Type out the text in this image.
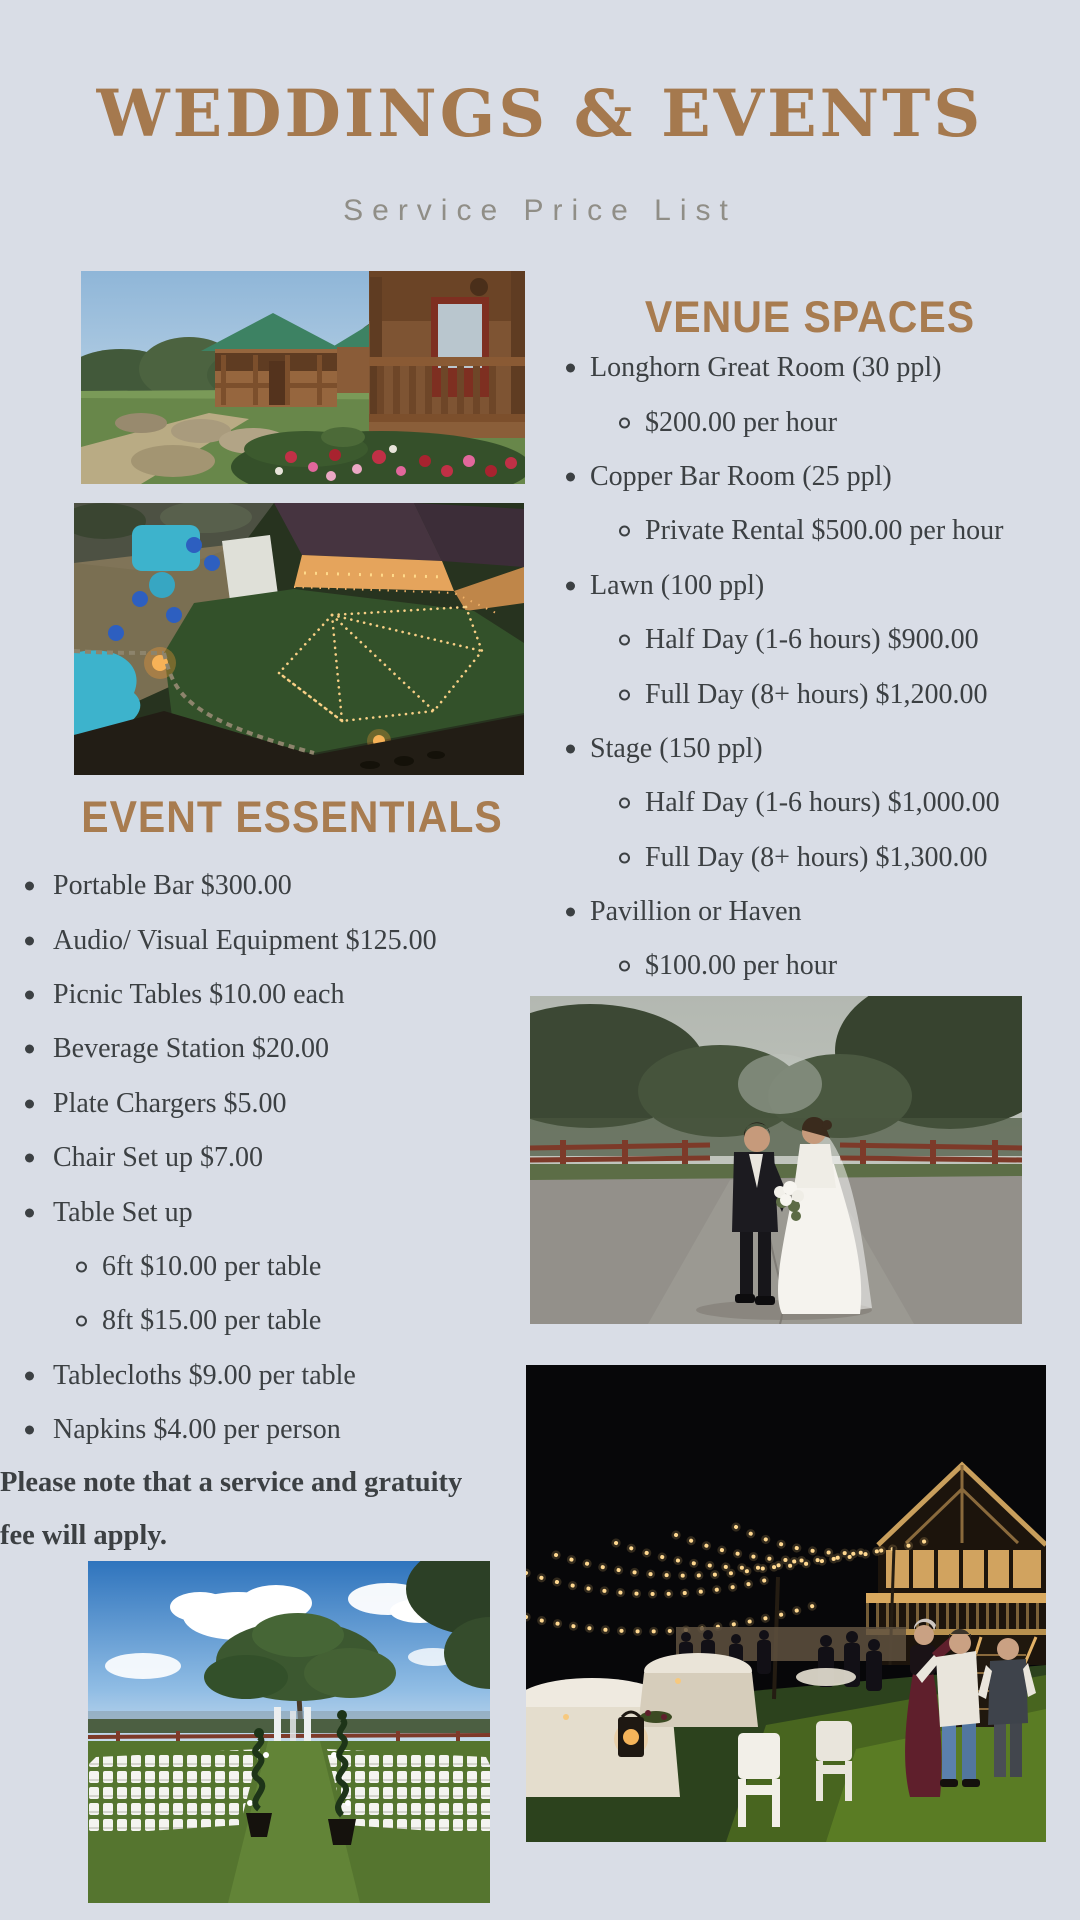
WEDDINGS & EVENTS
Service Price List
EVENT ESSENTIALS
Portable Bar $300.00
Audio/ Visual Equipment $125.00
Picnic Tables $10.00 each
Beverage Station $20.00
Plate Chargers $5.00
Chair Set up $7.00
Table Set up
6ft $10.00 per table
8ft $15.00 per table
Tablecloths $9.00 per table
Napkins $4.00 per person
Please note that a service and gratuity
fee will apply.
VENUE SPACES
Longhorn Great Room (30 ppl)
$200.00 per hour
Copper Bar Room (25 ppl)
Private Rental $500.00 per hour
Lawn (100 ppl)
Half Day (1-6 hours) $900.00
Full Day (8+ hours) $1,200.00
Stage (150 ppl)
Half Day (1-6 hours) $1,000.00
Full Day (8+ hours) $1,300.00
Pavillion or Haven
$100.00 per hour
